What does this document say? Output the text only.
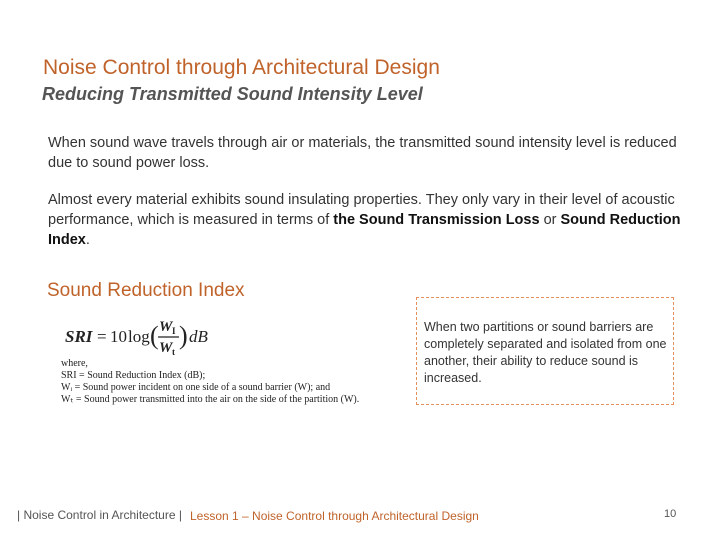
Noise Control through Architectural Design
Reducing Transmitted Sound Intensity Level
When sound wave travels through air or materials, the transmitted sound intensity level is reduced due to sound power loss.
Almost every material exhibits sound insulating properties. They only vary in their level of acoustic performance, which is measured in terms of the Sound Transmission Loss or Sound Reduction Index.
Sound Reduction Index
SRI = 10 log ( W I
W t
) dB
where,
SRI = Sound Reduction Index (dB);
Wᵢ = Sound power incident on one side of a sound barrier (W); and
Wₜ = Sound power transmitted into the air on the side of the partition (W).
When two partitions or sound barriers are completely separated and isolated from one another, their ability to reduce sound is increased.
| Noise Control in Architecture | Lesson 1 – Noise Control through Architectural Design	10
